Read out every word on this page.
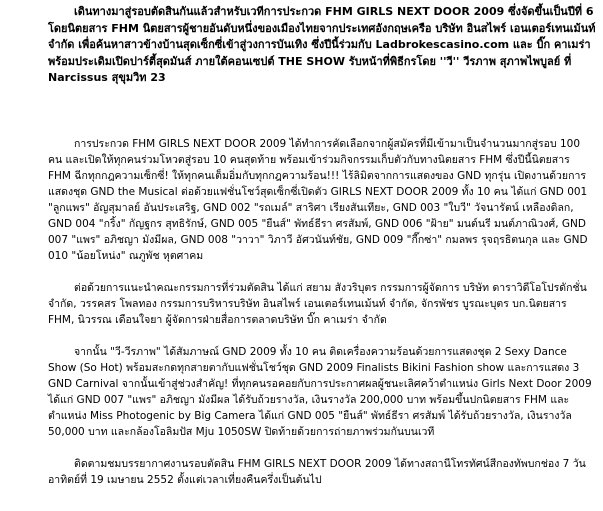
เดินทางมาสู่รอบตัดสินกันแล้วสำหรับเวทีการประกวด FHM GIRLS NEXT DOOR 2009 ซึ่งจัดขึ้นเป็นปีที่ 6 โดยนิตยสาร FHM นิตยสารผู้ชายอันดับหนึ่งของเมืองไทยจากประเทศอังกฤษเครือ บริษัท อินสไพร์ เอนเตอร์เทนเม้นท์ จำกัด เพื่อค้นหาสาวข้างบ้านสุดเซ็กซี่เข้าสู่วงการบันเทิง ซึ่งปีนี้ร่วมกับ Ladbrokescasino.com และ บิ๊ก คาเมร่า พร้อมประเดิมเปิดปาร์ตี้สุดมันส์ ภายใต้คอนเซปต์ THE SHOW รับหน้าที่พิธีกรโดย ''วี'' วีรภาพ สุภาพไพบูลย์ ที่ Narcissus สุขุมวิท 23

การประกวด FHM GIRLS NEXT DOOR 2009 ได้ทำการคัดเลือกจากผู้สมัครที่มีเข้ามาเป็นจำนวนมากสู่รอบ 100 คน และเปิดให้ทุกคนร่วมโหวตสู่รอบ 10 คนสุดท้าย พร้อมเข้าร่วมกิจกรรมเก็บตัวกับทางนิตยสาร FHM ซึ่งปีนี้นิตยสาร FHM ฉีกทุกกฎความเซ็กซี่! ให้ทุกคนเต็มอิ่มกับทุกกฎความร้อน!!! ไร้ลิมิตจากการแสดงของ GND ทุกรุ่น เปิดงานด้วยการแสดงชุด GND the Musical ต่อด้วยแฟชั่นโชว์สุดเซ็กซี่เปิดตัว GIRLS NEXT DOOR 2009 ทั้ง 10 คน ได้แก่ GND 001 "ลูกแพร" อัญสุมาลย์ อันประเสริฐ, GND 002 "รถเมล์" สาริศา เรียงสันเทียะ, GND 003 "ใบวี" วัจนารัตน์ เหลืองดิลก, GND 004 "กริ้ง" กัญฐกร สุทธิรักษ์, GND 005 "ยืนส์" พัทธ์ธีรา ศรสัมพ์, GND 006 "ฝ้าย" มนต์นรี มนต์ภาณิวงศ์, GND 007 "แพร" อภิชญา มังมีผล, GND 008 "วาวา" วิภาวี อัศวนันท์ชัย, GND 009 "กี๊กซ่า" กมลพร รุจฤรธิตนกุล และ GND 010 "น้อยโหน่ง" ณภูพัช หุตศาคม

ต่อด้วยการแนะนำคณะกรรมการที่ร่วมตัดสิน ได้แก่ สยาม สังวริบุตร กรรมการผู้จัดการ บริษัท ดาราวิดีโอโปรดักชั่น จำกัด, วรรคสร โพลทอง กรรมการบริหารบริษัท อินสไพร์ เอนเตอร์เทนเม้นท์ จำกัด, จักรพัชร บูรณะบุตร บก.นิตยสาร FHM, นิวรรณ เดือนใจยา ผู้จัดการฝ่ายสื่อการตลาดบริษัท บิ๊ก คาเมร่า จำกัด

จากนั้น "วี-วีรภาพ" ได้สัมภาษณ์ GND 2009 ทั้ง 10 คน ติดเครื่องความร้อนด้วยการแสดงชุด 2 Sexy Dance Show (So Hot) พร้อมสะกดทุกสายตากับแฟชั่นโชว์ชุด GND 2009 Finalists Bikini Fashion show และการแสดง 3 GND Carnival จากนั้นเข้าสู่ช่วงสำคัญ! ที่ทุกคนรอคอยกับการประกาศผลผู้ชนะเลิศคว้าตำแหน่ง Girls Next Door 2009 ได้แก่ GND 007 "แพร" อภิชญา มังมีผล ได้รับถ้วยรางวัล, เงินรางวัล 200,000 บาท พร้อมขึ้นปกนิตยสาร FHM และตำแหน่ง Miss Photogenic by Big Camera ได้แก่ GND 005 "ยืนส์" พัทธ์ธีรา ศรสัมพ์ ได้รับถ้วยรางวัล, เงินรางวัล 50,000 บาท และกล้องโอลิมปัส Mju 1050SW ปิดท้ายด้วยการถ่ายภาพร่วมกันบนเวที

ติดตามชมบรรยากาศงานรอบตัดสิน FHM GIRLS NEXT DOOR 2009 ได้ทางสถานีโทรทัศน์สีกองทัพบกช่อง 7 วันอาทิตย์ที่ 19 เมษายน 2552 ตั้งแต่เวลาเที่ยงคืนครึ่งเป็นต้นไป
